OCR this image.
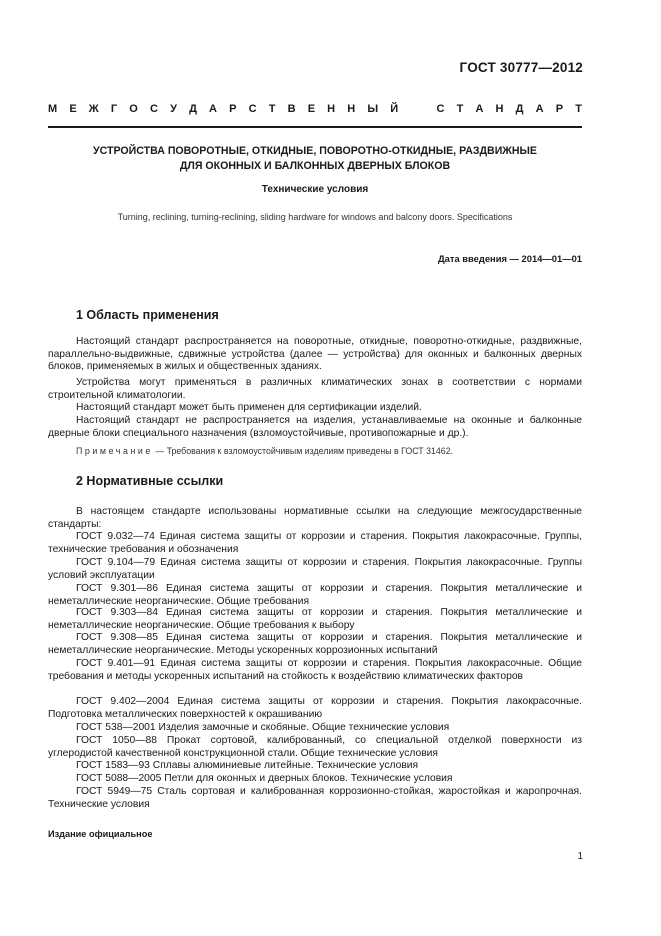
ГОСТ 30777—2012
М Е Ж Г О С У Д А Р С Т В Е Н Н Ы Й	С Т А Н Д А Р Т
УСТРОЙСТВА ПОВОРОТНЫЕ, ОТКИДНЫЕ, ПОВОРОТНО-ОТКИДНЫЕ, РАЗДВИЖНЫЕ
ДЛЯ ОКОННЫХ И БАЛКОННЫХ ДВЕРНЫХ БЛОКОВ
Технические условия
Turning, reclining, turning-reclining, sliding hardware for windows and balcony doors. Specifications
Дата введения — 2014—01—01
1 Область применения

Настоящий стандарт распространяется на поворотные, откидные, поворотно-откидные, раздвижные, параллельно-выдвижные, сдвижные устройства (далее — устройства) для оконных и балконных дверных блоков, применяемых в жилых и общественных зданиях.

Устройства могут применяться в различных климатических зонах в соответствии с нормами строительной климатологии.

Настоящий стандарт может быть применен для сертификации изделий.

Настоящий стандарт не распространяется на изделия, устанавливаемые на оконные и балконные дверные блоки специального назначения (взломоустойчивые, противопожарные и др.).

Примечание — Требования к взломоустойчивым изделиям приведены в ГОСТ 31462.
2 Нормативные ссылки

В настоящем стандарте использованы нормативные ссылки на следующие межгосударственные стандарты:

ГОСТ 9.032—74 Единая система защиты от коррозии и старения. Покрытия лакокрасочные. Группы, технические требования и обозначения

ГОСТ 9.104—79 Единая система защиты от коррозии и старения. Покрытия лакокрасочные. Группы условий эксплуатации

ГОСТ 9.301—86 Единая система защиты от коррозии и старения. Покрытия металлические и неметаллические неорганические. Общие требования

ГОСТ 9.303—84 Единая система защиты от коррозии и старения. Покрытия металлические и неметаллические неорганические. Общие требования к выбору

ГОСТ 9.308—85 Единая система защиты от коррозии и старения. Покрытия металлические и неметаллические неорганические. Методы ускоренных коррозионных испытаний

ГОСТ 9.401—91 Единая система защиты от коррозии и старения. Покрытия лакокрасочные. Общие требования и методы ускоренных испытаний на стойкость к воздействию климатических факторов

ГОСТ 9.402—2004 Единая система защиты от коррозии и старения. Покрытия лакокрасочные. Подготовка металлических поверхностей к окрашиванию

ГОСТ 538—2001 Изделия замочные и скобяные. Общие технические условия

ГОСТ 1050—88 Прокат сортовой, калиброванный, со специальной отделкой поверхности из углеродистой качественной конструкционной стали. Общие технические условия

ГОСТ 1583—93 Сплавы алюминиевые литейные. Технические условия

ГОСТ 5088—2005 Петли для оконных и дверных блоков. Технические условия

ГОСТ 5949—75 Сталь сортовая и калиброванная коррозионно-стойкая, жаростойкая и жаропрочная. Технические условия

Издание официальное
1
